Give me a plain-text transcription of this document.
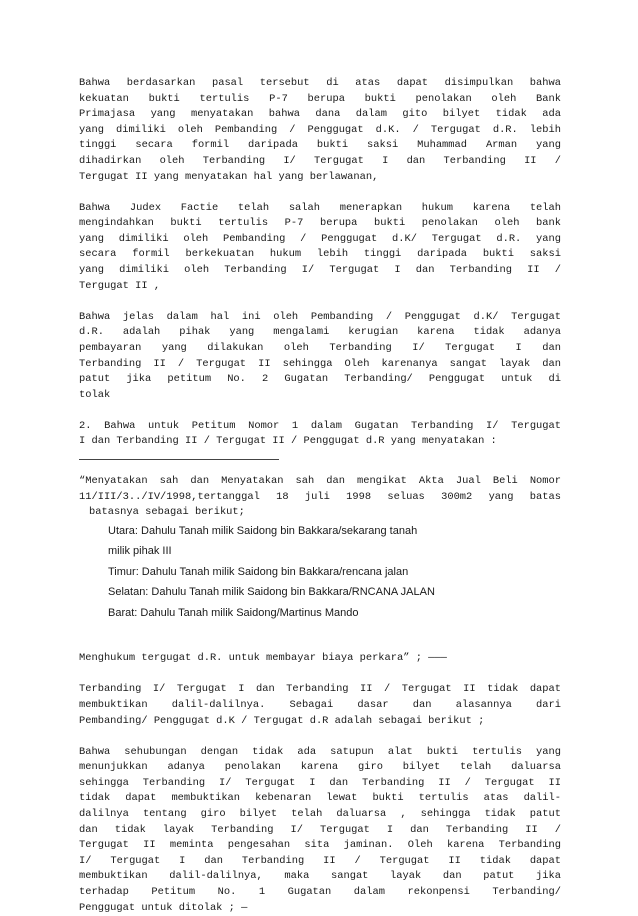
Bahwa berdasarkan pasal tersebut di atas dapat disimpulkan bahwa
kekuatan bukti tertulis P-7 berupa bukti penolakan oleh Bank
Primajasa yang menyatakan bahwa dana dalam gito bilyet tidak ada
yang dimiliki oleh Pembanding / Penggugat d.K. / Tergugat d.R. lebih
tinggi secara formil daripada bukti saksi Muhammad Arman yang
dihadirkan oleh Terbanding I/ Tergugat I dan Terbanding II /
Tergugat II yang menyatakan hal yang berlawanan,
Bahwa Judex Factie telah salah menerapkan hukum karena telah
mengindahkan bukti tertulis P-7 berupa bukti penolakan oleh bank
yang dimiliki oleh Pembanding / Penggugat d.K/ Tergugat d.R. yang
secara formil berkekuatan hukum lebih tinggi daripada bukti saksi
yang dimiliki oleh Terbanding I/ Tergugat I dan Terbanding II /
Tergugat II ,
Bahwa jelas dalam hal ini oleh Pembanding / Penggugat d.K/ Tergugat
d.R. adalah pihak yang mengalami kerugian karena tidak adanya
pembayaran yang dilakukan oleh Terbanding I/ Tergugat I dan
Terbanding II / Tergugat II sehingga Oleh karenanya sangat layak dan
patut jika petitum No. 2 Gugatan Terbanding/ Penggugat untuk di
tolak
2. Bahwa untuk Petitum Nomor 1 dalam Gugatan Terbanding I/ Tergugat
I dan Terbanding II / Tergugat II / Penggugat d.R yang menyatakan :
“Menyatakan sah dan Menyatakan sah dan mengikat Akta Jual Beli Nomor
11/III/3../IV/1998,tertanggal 18 juli 1998 seluas 300m2 yang batas
batasnya sebagai berikut;
Utara: Dahulu Tanah milik Saidong bin Bakkara/sekarang tanah
milik pihak III
Timur: Dahulu Tanah milik Saidong bin Bakkara/rencana jalan
Selatan: Dahulu Tanah milik Saidong bin Bakkara/RNCANA JALAN
Barat: Dahulu Tanah milik Saidong/Martinus Mando
Menghukum tergugat d.R. untuk membayar biaya perkara” ; ———
Terbanding I/ Tergugat I dan Terbanding II / Tergugat II tidak dapat
membuktikan dalil-dalilnya. Sebagai dasar dan alasannya dari
Pembanding/ Penggugat d.K / Tergugat d.R adalah sebagai berikut ;
Bahwa sehubungan dengan tidak ada satupun alat bukti tertulis yang
menunjukkan adanya penolakan karena giro bilyet telah daluarsa
sehingga Terbanding I/ Tergugat I dan Terbanding II / Tergugat II
tidak dapat membuktikan kebenaran lewat bukti tertulis atas dalil-
dalilnya tentang giro bilyet telah daluarsa , sehingga tidak patut
dan tidak layak Terbanding I/ Tergugat I dan Terbanding II /
Tergugat II meminta pengesahan sita jaminan. Oleh karena Terbanding
I/ Tergugat I dan Terbanding II / Tergugat II tidak dapat
membuktikan dalil-dalilnya, maka sangat layak dan patut jika
terhadap Petitum No. 1 Gugatan dalam rekonpensi Terbanding/
Penggugat untuk ditolak ; —
